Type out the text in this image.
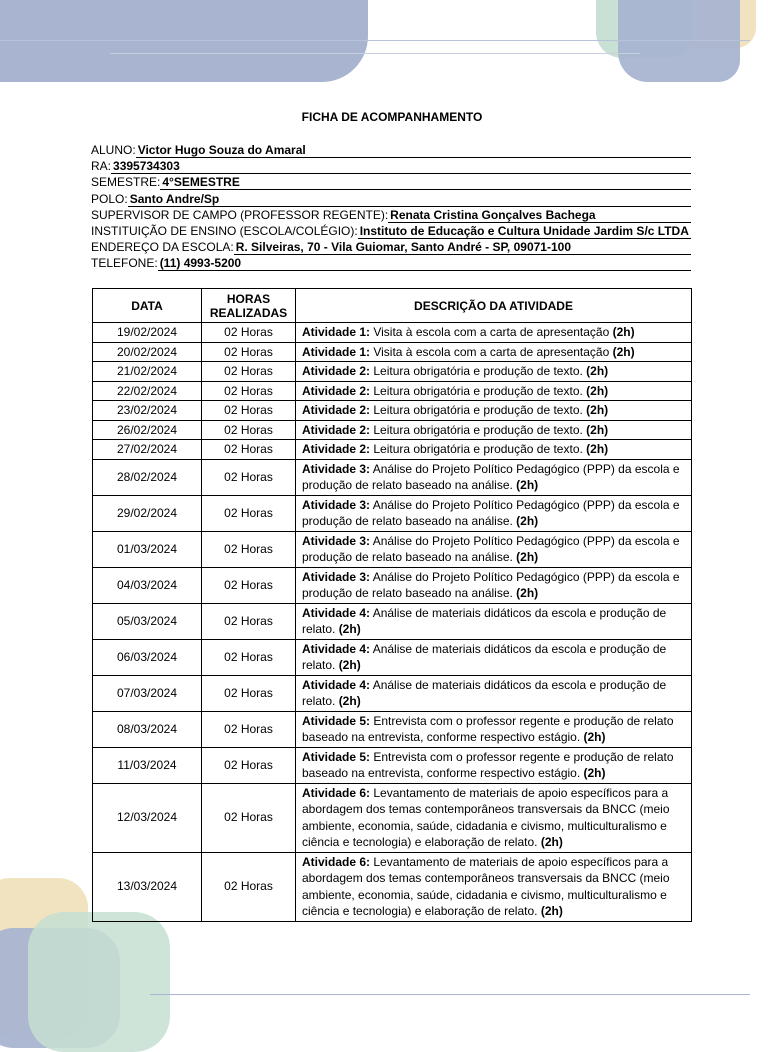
FICHA DE ACOMPANHAMENTO
ALUNO: Victor Hugo Souza do Amaral
RA: 3395734303
SEMESTRE: 4°SEMESTRE
POLO: Santo Andre/Sp
SUPERVISOR DE CAMPO (PROFESSOR REGENTE): Renata Cristina Gonçalves Bachega
INSTITUIÇÃO DE ENSINO (ESCOLA/COLÉGIO): Instituto de Educação e Cultura Unidade Jardim S/c LTDA
ENDEREÇO DA ESCOLA: R. Silveiras, 70 - Vila Guiomar, Santo André - SP, 09071-100
TELEFONE: (11) 4993-5200
DATA	HORAS REALIZADAS	DESCRIÇÃO DA ATIVIDADE
19/02/2024	02 Horas	Atividade 1: Visita à escola com a carta de apresentação (2h)
20/02/2024	02 Horas	Atividade 1: Visita à escola com a carta de apresentação (2h)
21/02/2024	02 Horas	Atividade 2: Leitura obrigatória e produção de texto. (2h)
22/02/2024	02 Horas	Atividade 2: Leitura obrigatória e produção de texto. (2h)
23/02/2024	02 Horas	Atividade 2: Leitura obrigatória e produção de texto. (2h)
26/02/2024	02 Horas	Atividade 2: Leitura obrigatória e produção de texto. (2h)
27/02/2024	02 Horas	Atividade 2: Leitura obrigatória e produção de texto. (2h)
28/02/2024	02 Horas	Atividade 3: Análise do Projeto Político Pedagógico (PPP) da escola e produção de relato baseado na análise. (2h)
29/02/2024	02 Horas	Atividade 3: Análise do Projeto Político Pedagógico (PPP) da escola e produção de relato baseado na análise. (2h)
01/03/2024	02 Horas	Atividade 3: Análise do Projeto Político Pedagógico (PPP) da escola e produção de relato baseado na análise. (2h)
04/03/2024	02 Horas	Atividade 3: Análise do Projeto Político Pedagógico (PPP) da escola e produção de relato baseado na análise. (2h)
05/03/2024	02 Horas	Atividade 4: Análise de materiais didáticos da escola e produção de relato. (2h)
06/03/2024	02 Horas	Atividade 4: Análise de materiais didáticos da escola e produção de relato. (2h)
07/03/2024	02 Horas	Atividade 4: Análise de materiais didáticos da escola e produção de relato. (2h)
08/03/2024	02 Horas	Atividade 5: Entrevista com o professor regente e produção de relato baseado na entrevista, conforme respectivo estágio. (2h)
11/03/2024	02 Horas	Atividade 5: Entrevista com o professor regente e produção de relato baseado na entrevista, conforme respectivo estágio. (2h)
12/03/2024	02 Horas	Atividade 6: Levantamento de materiais de apoio específicos para a abordagem dos temas contemporâneos transversais da BNCC (meio ambiente, economia, saúde, cidadania e civismo, multiculturalismo e ciência e tecnologia) e elaboração de relato. (2h)
13/03/2024	02 Horas	Atividade 6: Levantamento de materiais de apoio específicos para a abordagem dos temas contemporâneos transversais da BNCC (meio ambiente, economia, saúde, cidadania e civismo, multiculturalismo e ciência e tecnologia) e elaboração de relato. (2h)
